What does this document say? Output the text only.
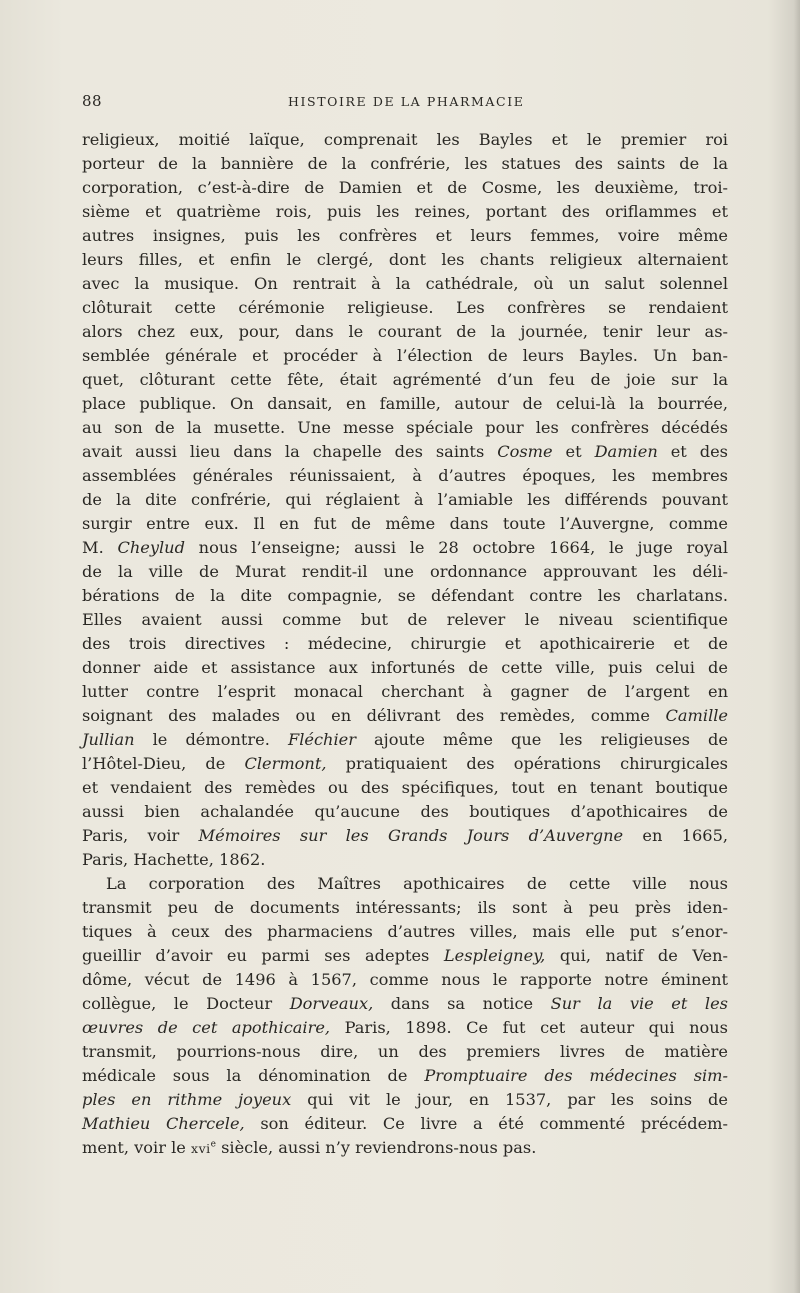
88	HISTOIRE DE LA PHARMACIE
religieux, moitié laïque, comprenait les Bayles et le premier roi
porteur de la bannière de la confrérie, les statues des saints de la
corporation, c’est-à-dire de Damien et de Cosme, les deuxième, troi-
sième et quatrième rois, puis les reines, portant des oriflammes et
autres insignes, puis les confrères et leurs femmes, voire même
leurs filles, et enfin le clergé, dont les chants religieux alternaient
avec la musique. On rentrait à la cathédrale, où un salut solennel
clôturait cette cérémonie religieuse. Les confrères se rendaient
alors chez eux, pour, dans le courant de la journée, tenir leur as-
semblée générale et procéder à l’élection de leurs Bayles. Un ban-
quet, clôturant cette fête, était agrémenté d’un feu de joie sur la
place publique. On dansait, en famille, autour de celui-là la bourrée,
au son de la musette. Une messe spéciale pour les confrères décédés
avait aussi lieu dans la chapelle des saints Cosme et Damien et des
assemblées générales réunissaient, à d’autres époques, les membres
de la dite confrérie, qui réglaient à l’amiable les différends pouvant
surgir entre eux. Il en fut de même dans toute l’Auvergne, comme
M. Cheylud nous l’enseigne; aussi le 28 octobre 1664, le juge royal
de la ville de Murat rendit-il une ordonnance approuvant les déli-
bérations de la dite compagnie, se défendant contre les charlatans.
Elles avaient aussi comme but de relever le niveau scientifique
des trois directives : médecine, chirurgie et apothicairerie et de
donner aide et assistance aux infortunés de cette ville, puis celui de
lutter contre l’esprit monacal cherchant à gagner de l’argent en
soignant des malades ou en délivrant des remèdes, comme Camille
Jullian le démontre. Fléchier ajoute même que les religieuses de
l’Hôtel-Dieu, de Clermont, pratiquaient des opérations chirurgicales
et vendaient des remèdes ou des spécifiques, tout en tenant boutique
aussi bien achalandée qu’aucune des boutiques d’apothicaires de
Paris, voir Mémoires sur les Grands Jours d’Auvergne en 1665,
Paris, Hachette, 1862.
La corporation des Maîtres apothicaires de cette ville nous
transmit peu de documents intéressants; ils sont à peu près iden-
tiques à ceux des pharmaciens d’autres villes, mais elle put s’enor-
gueillir d’avoir eu parmi ses adeptes Lespleigney, qui, natif de Ven-
dôme, vécut de 1496 à 1567, comme nous le rapporte notre éminent
collègue, le Docteur Dorveaux, dans sa notice Sur la vie et les
œuvres de cet apothicaire, Paris, 1898. Ce fut cet auteur qui nous
transmit, pourrions-nous dire, un des premiers livres de matière
médicale sous la dénomination de Promptuaire des médecines sim-
ples en rithme joyeux qui vit le jour, en 1537, par les soins de
Mathieu Chercele, son éditeur. Ce livre a été commenté précédem-
ment, voir le xvi$^e$ siècle, aussi n’y reviendrons-nous pas.
